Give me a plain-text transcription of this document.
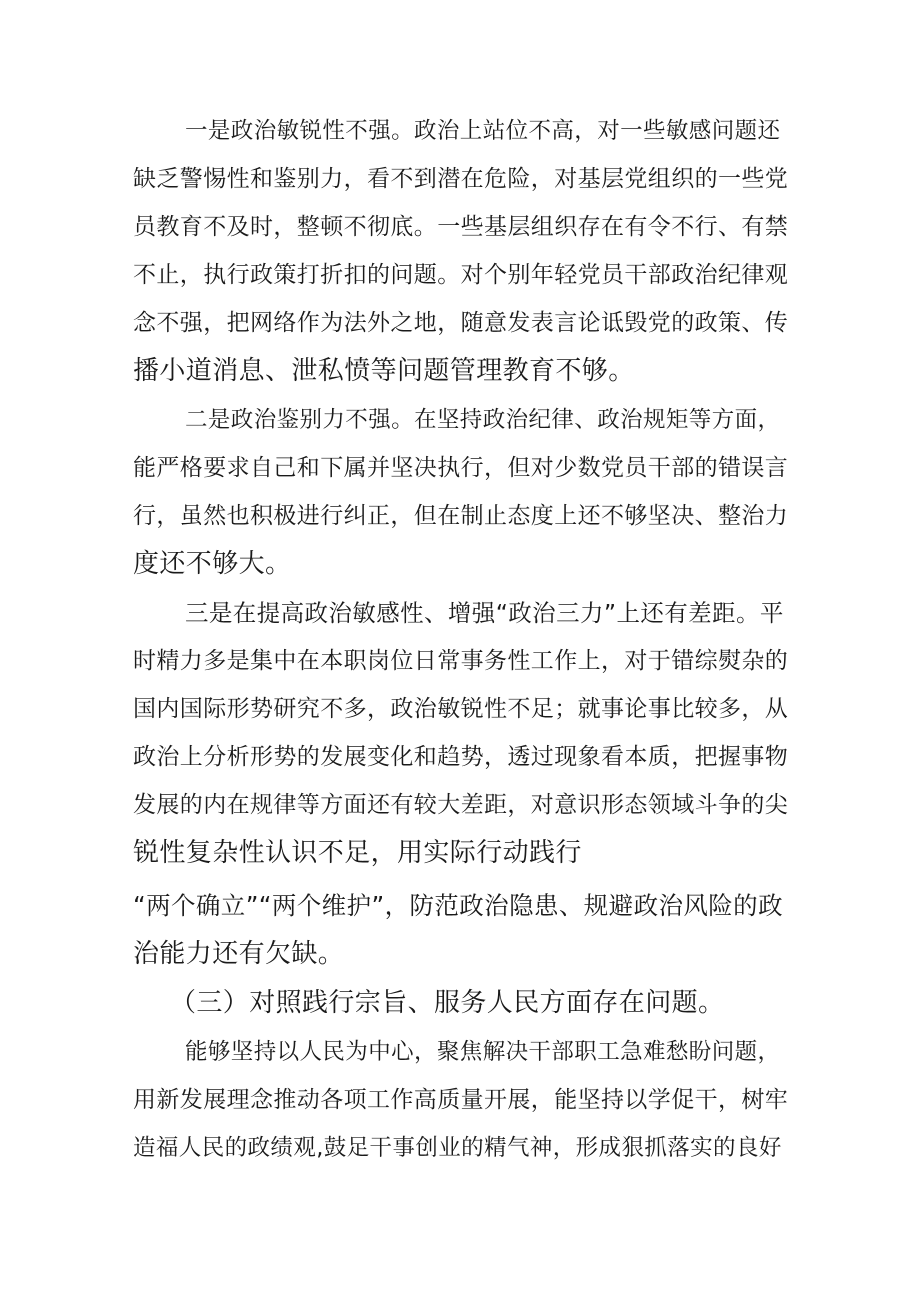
一是政治敏锐性不强。政治上站位不高，对一些敏感问题还
缺乏警惕性和鉴别力，看不到潜在危险，对基层党组织的一些党
员教育不及时，整顿不彻底。一些基层组织存在有令不行、有禁
不止，执行政策打折扣的问题。对个别年轻党员干部政治纪律观
念不强，把网络作为法外之地，随意发表言论诋毁党的政策、传
播小道消息、泄私愤等问题管理教育不够。
二是政治鉴别力不强。在坚持政治纪律、政治规矩等方面，
能严格要求自己和下属并坚决执行，但对少数党员干部的错误言
行，虽然也积极进行纠正，但在制止态度上还不够坚决、整治力
度还不够大。
三是在提高政治敏感性、增强“政治三力”上还有差距。平
时精力多是集中在本职岗位日常事务性工作上，对于错综熨杂的
国内国际形势研究不多，政治敏锐性不足；就事论事比较多，从
政治上分析形势的发展变化和趋势，透过现象看本质，把握事物
发展的内在规律等方面还有较大差距，对意识形态领域斗争的尖
锐性复杂性认识不足，用实际行动践行
“两个确立”“两个维护”，防范政治隐患、规避政治风险的政
治能力还有欠缺。
（三）对照践行宗旨、服务人民方面存在问题。
能够坚持以人民为中心，聚焦解决干部职工急难愁盼问题，
用新发展理念推动各项工作高质量开展，能坚持以学促干，树牢
造福人民的政绩观,鼓足干事创业的精气神，形成狠抓落实的良好
